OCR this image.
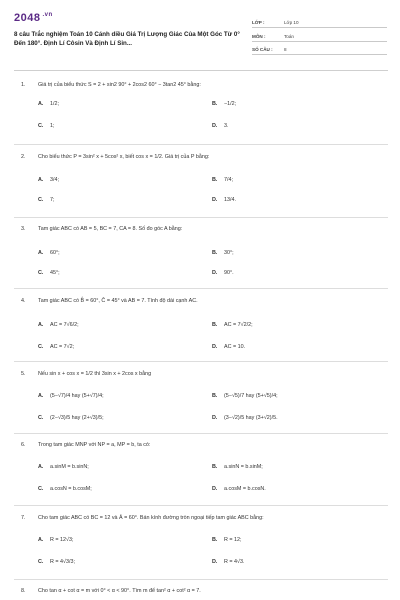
2048 $^{.vn}$
8 câu Trắc nghiệm Toán 10 Cánh diều Giá Trị Lượng Giác Của Một Góc Từ 0° Đến 180°. Định Lí Côsin Và Định Lí Sin...
LỚP :	Lớp 10
MÔN :	Toán
SỐ CÂU : 8
1. Giá trị của biểu thức S = 2 + sin2 90° + 2cos2 60° − 3tan2 45° bằng:
A. 1/2;	B. −1/2;
C. 1;	D. 3.
2. Cho biểu thức P = 3sin² x + 5cos² x, biết cos x = 1/2. Giá trị của P bằng:
A. 3/4;	B. 7/4;
C. 7;	D. 13/4.
3. Tam giác ABC có AB = 5, BC = 7, CA = 8. Số đo góc A bằng:
A. 60°;	B. 30°;
C. 45°;	D. 90°.
4. Tam giác ABC có B̂ = 60°, Ĉ = 45° và AB = 7. Tính độ dài cạnh AC.
A. AC = 7√6/2;	B. AC = 7√2/2;
C. AC = 7√2;	D. AC = 10.
5. Nếu sin x + cos x = 1/2 thì 3sin x + 2cos x bằng
A. (5−√7)/4 hay (5+√7)/4;	B. (5−√5)/7 hay (5+√5)/4;
C. (2−√3)/5 hay (2+√3)/5;	D. (3−√2)/5 hay (3+√2)/5.
6. Trong tam giác MNP với NP = a, MP = b, ta có:
A. a.sinM = b.sinN;	B. a.sinN = b.sinM;
C. a.cosN = b.cosM;	D. a.cosM = b.cosN.
7. Cho tam giác ABC có BC = 12 và Â = 60°. Bán kính đường tròn ngoại tiếp tam giác ABC bằng:
A. R = 12√3;	B. R = 12;
C. R = 4√3/3;	D. R = 4√3.
8. Cho tan α + cot α = m với 0° < α < 90°. Tìm m để tan² α + cot² α = 7.
